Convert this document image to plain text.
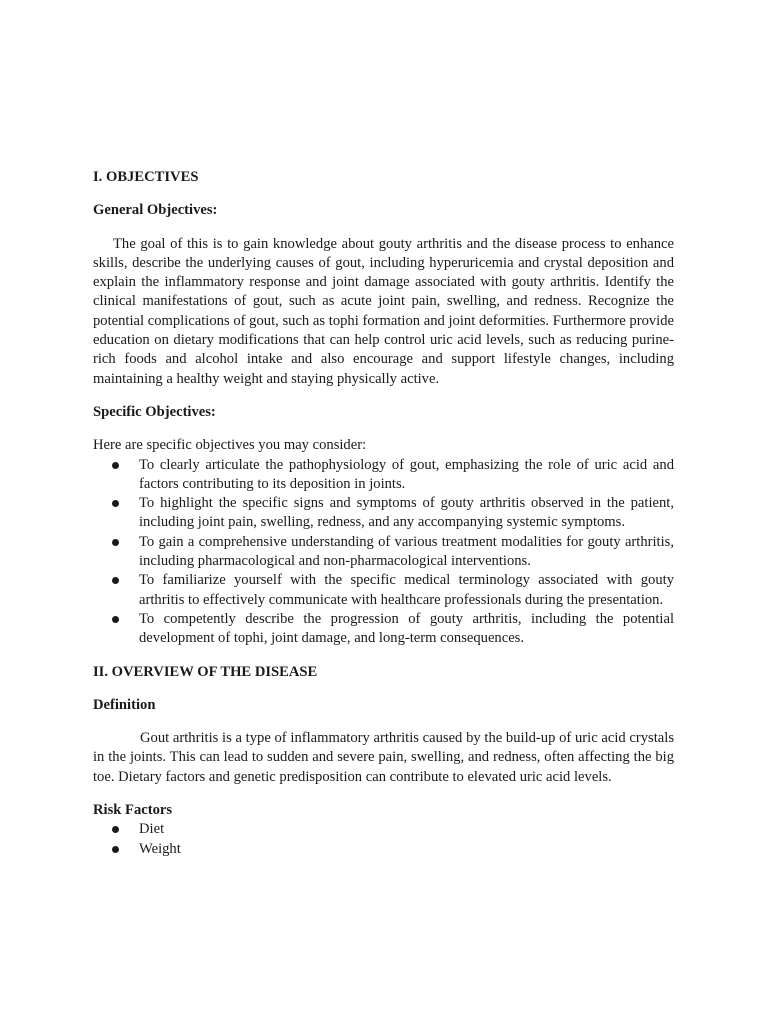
I. OBJECTIVES

General Objectives:

The goal of this is to gain knowledge about gouty arthritis and the disease process to enhance skills, describe the underlying causes of gout, including hyperuricemia and crystal deposition and explain the inflammatory response and joint damage associated with gouty arthritis. Identify the clinical manifestations of gout, such as acute joint pain, swelling, and redness. Recognize the potential complications of gout, such as tophi formation and joint deformities. Furthermore provide education on dietary modifications that can help control uric acid levels, such as reducing purine-rich foods and alcohol intake and also encourage and support lifestyle changes, including maintaining a healthy weight and staying physically active.

Specific Objectives:

Here are specific objectives you may consider:

To clearly articulate the pathophysiology of gout, emphasizing the role of uric acid and factors contributing to its deposition in joints.
To highlight the specific signs and symptoms of gouty arthritis observed in the patient, including joint pain, swelling, redness, and any accompanying systemic symptoms.
To gain a comprehensive understanding of various treatment modalities for gouty arthritis, including pharmacological and non-pharmacological interventions.
To familiarize yourself with the specific medical terminology associated with gouty arthritis to effectively communicate with healthcare professionals during the presentation.
To competently describe the progression of gouty arthritis, including the potential development of tophi, joint damage, and long-term consequences.

II. OVERVIEW OF THE DISEASE

Definition

Gout arthritis is a type of inflammatory arthritis caused by the build-up of uric acid crystals in the joints. This can lead to sudden and severe pain, swelling, and redness, often affecting the big toe. Dietary factors and genetic predisposition can contribute to elevated uric acid levels.

Risk Factors

Diet
Weight
